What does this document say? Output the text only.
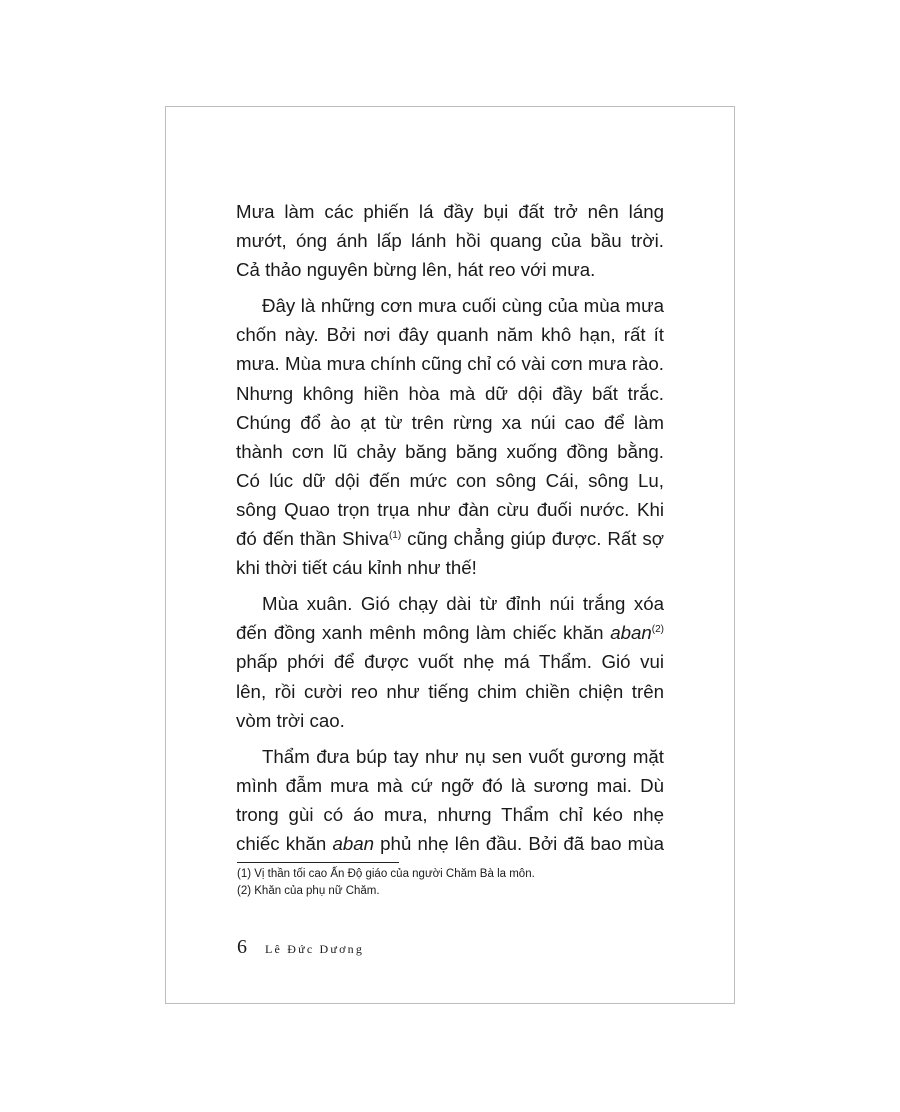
Mưa làm các phiến lá đầy bụi đất trở nên láng
mướt, óng ánh lấp lánh hồi quang của bầu trời.
Cả thảo nguyên bừng lên, hát reo với mưa.

Đây là những cơn mưa cuối cùng của mùa mưa
chốn này. Bởi nơi đây quanh năm khô hạn, rất ít
mưa. Mùa mưa chính cũng chỉ có vài cơn mưa rào.
Nhưng không hiền hòa mà dữ dội đầy bất trắc.
Chúng đổ ào ạt từ trên rừng xa núi cao để làm
thành cơn lũ chảy băng băng xuống đồng bằng.
Có lúc dữ dội đến mức con sông Cái, sông Lu,
sông Quao trọn trụa như đàn cừu đuối nước. Khi
đó đến thần Shiva$^{(1)}$ cũng chẳng giúp được. Rất sợ
khi thời tiết cáu kỉnh như thế!

Mùa xuân. Gió chạy dài từ đỉnh núi trắng xóa
đến đồng xanh mênh mông làm chiếc khăn aban$^{(2)}$
phấp phới để được vuốt nhẹ má Thẩm. Gió vui
lên, rồi cười reo như tiếng chim chiền chiện trên
vòm trời cao.

Thẩm đưa búp tay như nụ sen vuốt gương mặt
mình đẫm mưa mà cứ ngỡ đó là sương mai. Dù
trong gùi có áo mưa, nhưng Thẩm chỉ kéo nhẹ
chiếc khăn aban phủ nhẹ lên đầu. Bởi đã bao mùa

(1) Vị thần tối cao Ấn Độ giáo của người Chăm Bà la môn.
(2) Khăn của phụ nữ Chăm.
6 Lê Đức Dương
